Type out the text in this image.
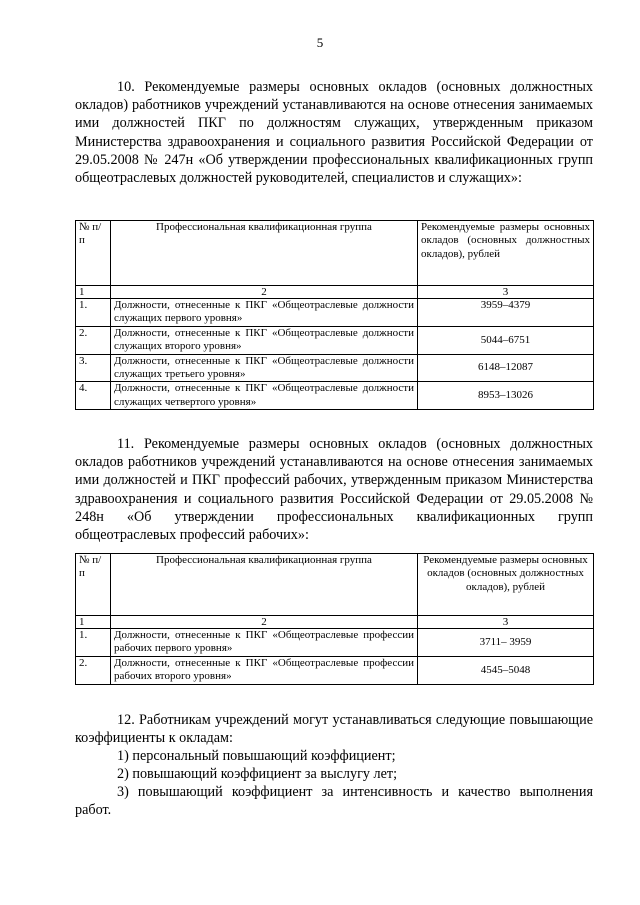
5

10. Рекомендуемые размеры основных окладов (основных должностных окладов) работников учреждений устанавливаются на основе отнесения занимаемых ими должностей ПКГ по должностям служащих, утвержденным приказом Министерства здравоохранения и социального развития Российской Федерации от 29.05.2008 № 247н «Об утверждении профессиональных квалификационных групп общеотраслевых должностей руководителей, специалистов и служащих»:

№ п/п	Профессиональная квалификационная группа	Рекомендуемые размеры основных окладов (основных должностных окладов), рублей
1	2	3
1.	Должности, отнесенные к ПКГ «Общеотраслевые должности служащих первого уровня»	3959–4379
2.	Должности, отнесенные к ПКГ «Общеотраслевые должности служащих второго уровня»	5044–6751
3.	Должности, отнесенные к ПКГ «Общеотраслевые должности служащих третьего уровня»	6148–12087
4.	Должности, отнесенные к ПКГ «Общеотраслевые должности служащих четвертого уровня»	8953–13026

11. Рекомендуемые размеры основных окладов (основных должностных окладов работников учреждений устанавливаются на основе отнесения занимаемых ими должностей и ПКГ профессий рабочих, утвержденным приказом Министерства здравоохранения и социального развития Российской Федерации от 29.05.2008 № 248н «Об утверждении профессиональных квалификационных групп общеотраслевых профессий рабочих»:

№ п/п	Профессиональная квалификационная группа	Рекомендуемые размеры основных окладов (основных должностных окладов), рублей
1	2	3
1.	Должности, отнесенные к ПКГ «Общеотраслевые профессии рабочих первого уровня»	3711– 3959
2.	Должности, отнесенные к ПКГ «Общеотраслевые профессии рабочих второго уровня»	4545–5048

12. Работникам учреждений могут устанавливаться следующие повышающие коэффициенты к окладам:

1) персональный повышающий коэффициент;

2) повышающий коэффициент за выслугу лет;

3) повышающий коэффициент за интенсивность и качество выполнения работ.
